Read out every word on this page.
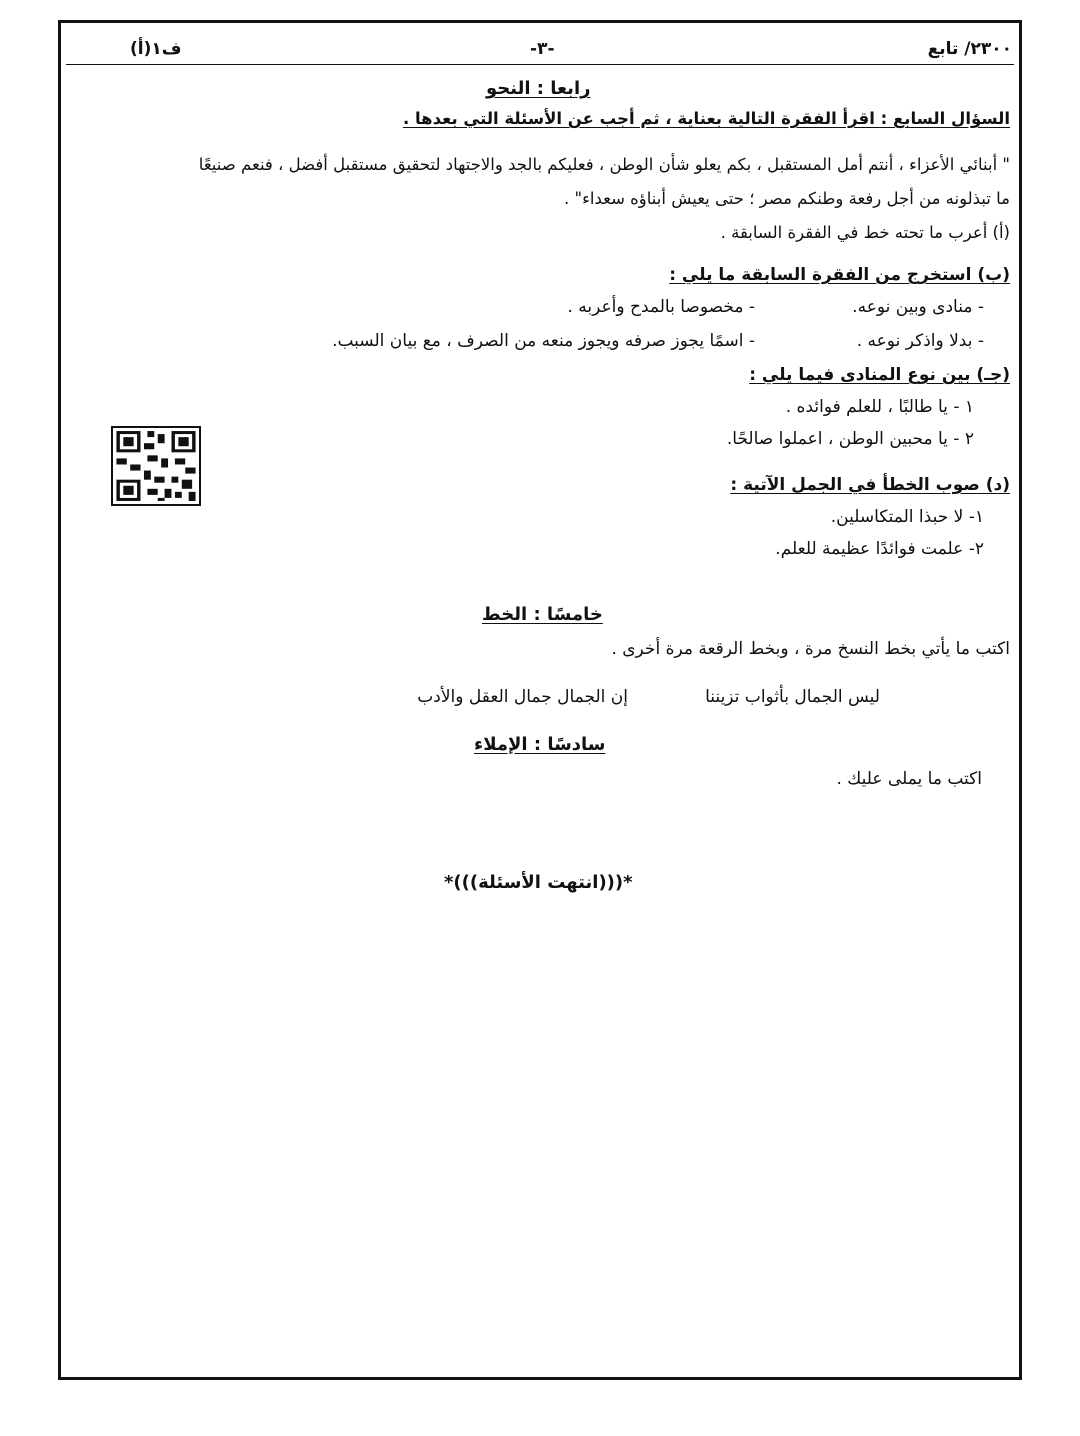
٢٣٠٠/ تابع
-٣-
ف١(أ)
رابعا : النحو
السؤال السابع : اقرأ الفقرة التالية بعناية ، ثم أجب عن الأسئلة التي بعدها .
" أبنائي الأعزاء ، أنتم أمل المستقبل ، بكم يعلو شأن الوطن ، فعليكم بالجد والاجتهاد لتحقيق مستقبل أفضل ، فنعم صنيعًا
ما تبذلونه من أجل رفعة وطنكم مصر ؛ حتى يعيش أبناؤه سعداء" .
(أ) أعرب ما تحته خط في الفقرة السابقة .
(ب) استخرج من الفقرة السابقة ما يلي :
- منادى وبين نوعه.
- مخصوصا بالمدح وأعربه .
- بدلا واذكر نوعه .
- اسمًا يجوز صرفه ويجوز منعه من الصرف ، مع بيان السبب.
(جـ) بين نوع المنادى فيما يلي :
١ - يا طالبًا ، للعلم فوائده .
٢ - يا محبين الوطن ، اعملوا صالحًا.
(د) صوب الخطأ في الجمل الآتية :
١- لا حبذا المتكاسلين.
٢- علمت فوائدًا عظيمة للعلم.
خامسًا : الخط
اكتب ما يأتي بخط النسخ مرة ، وبخط الرقعة مرة أخرى .
ليس الجمال بأثواب تزيننا
إن الجمال جمال العقل والأدب
سادسًا : الإملاء
اكتب ما يملى عليك .
*(((انتهت الأسئلة)))*
